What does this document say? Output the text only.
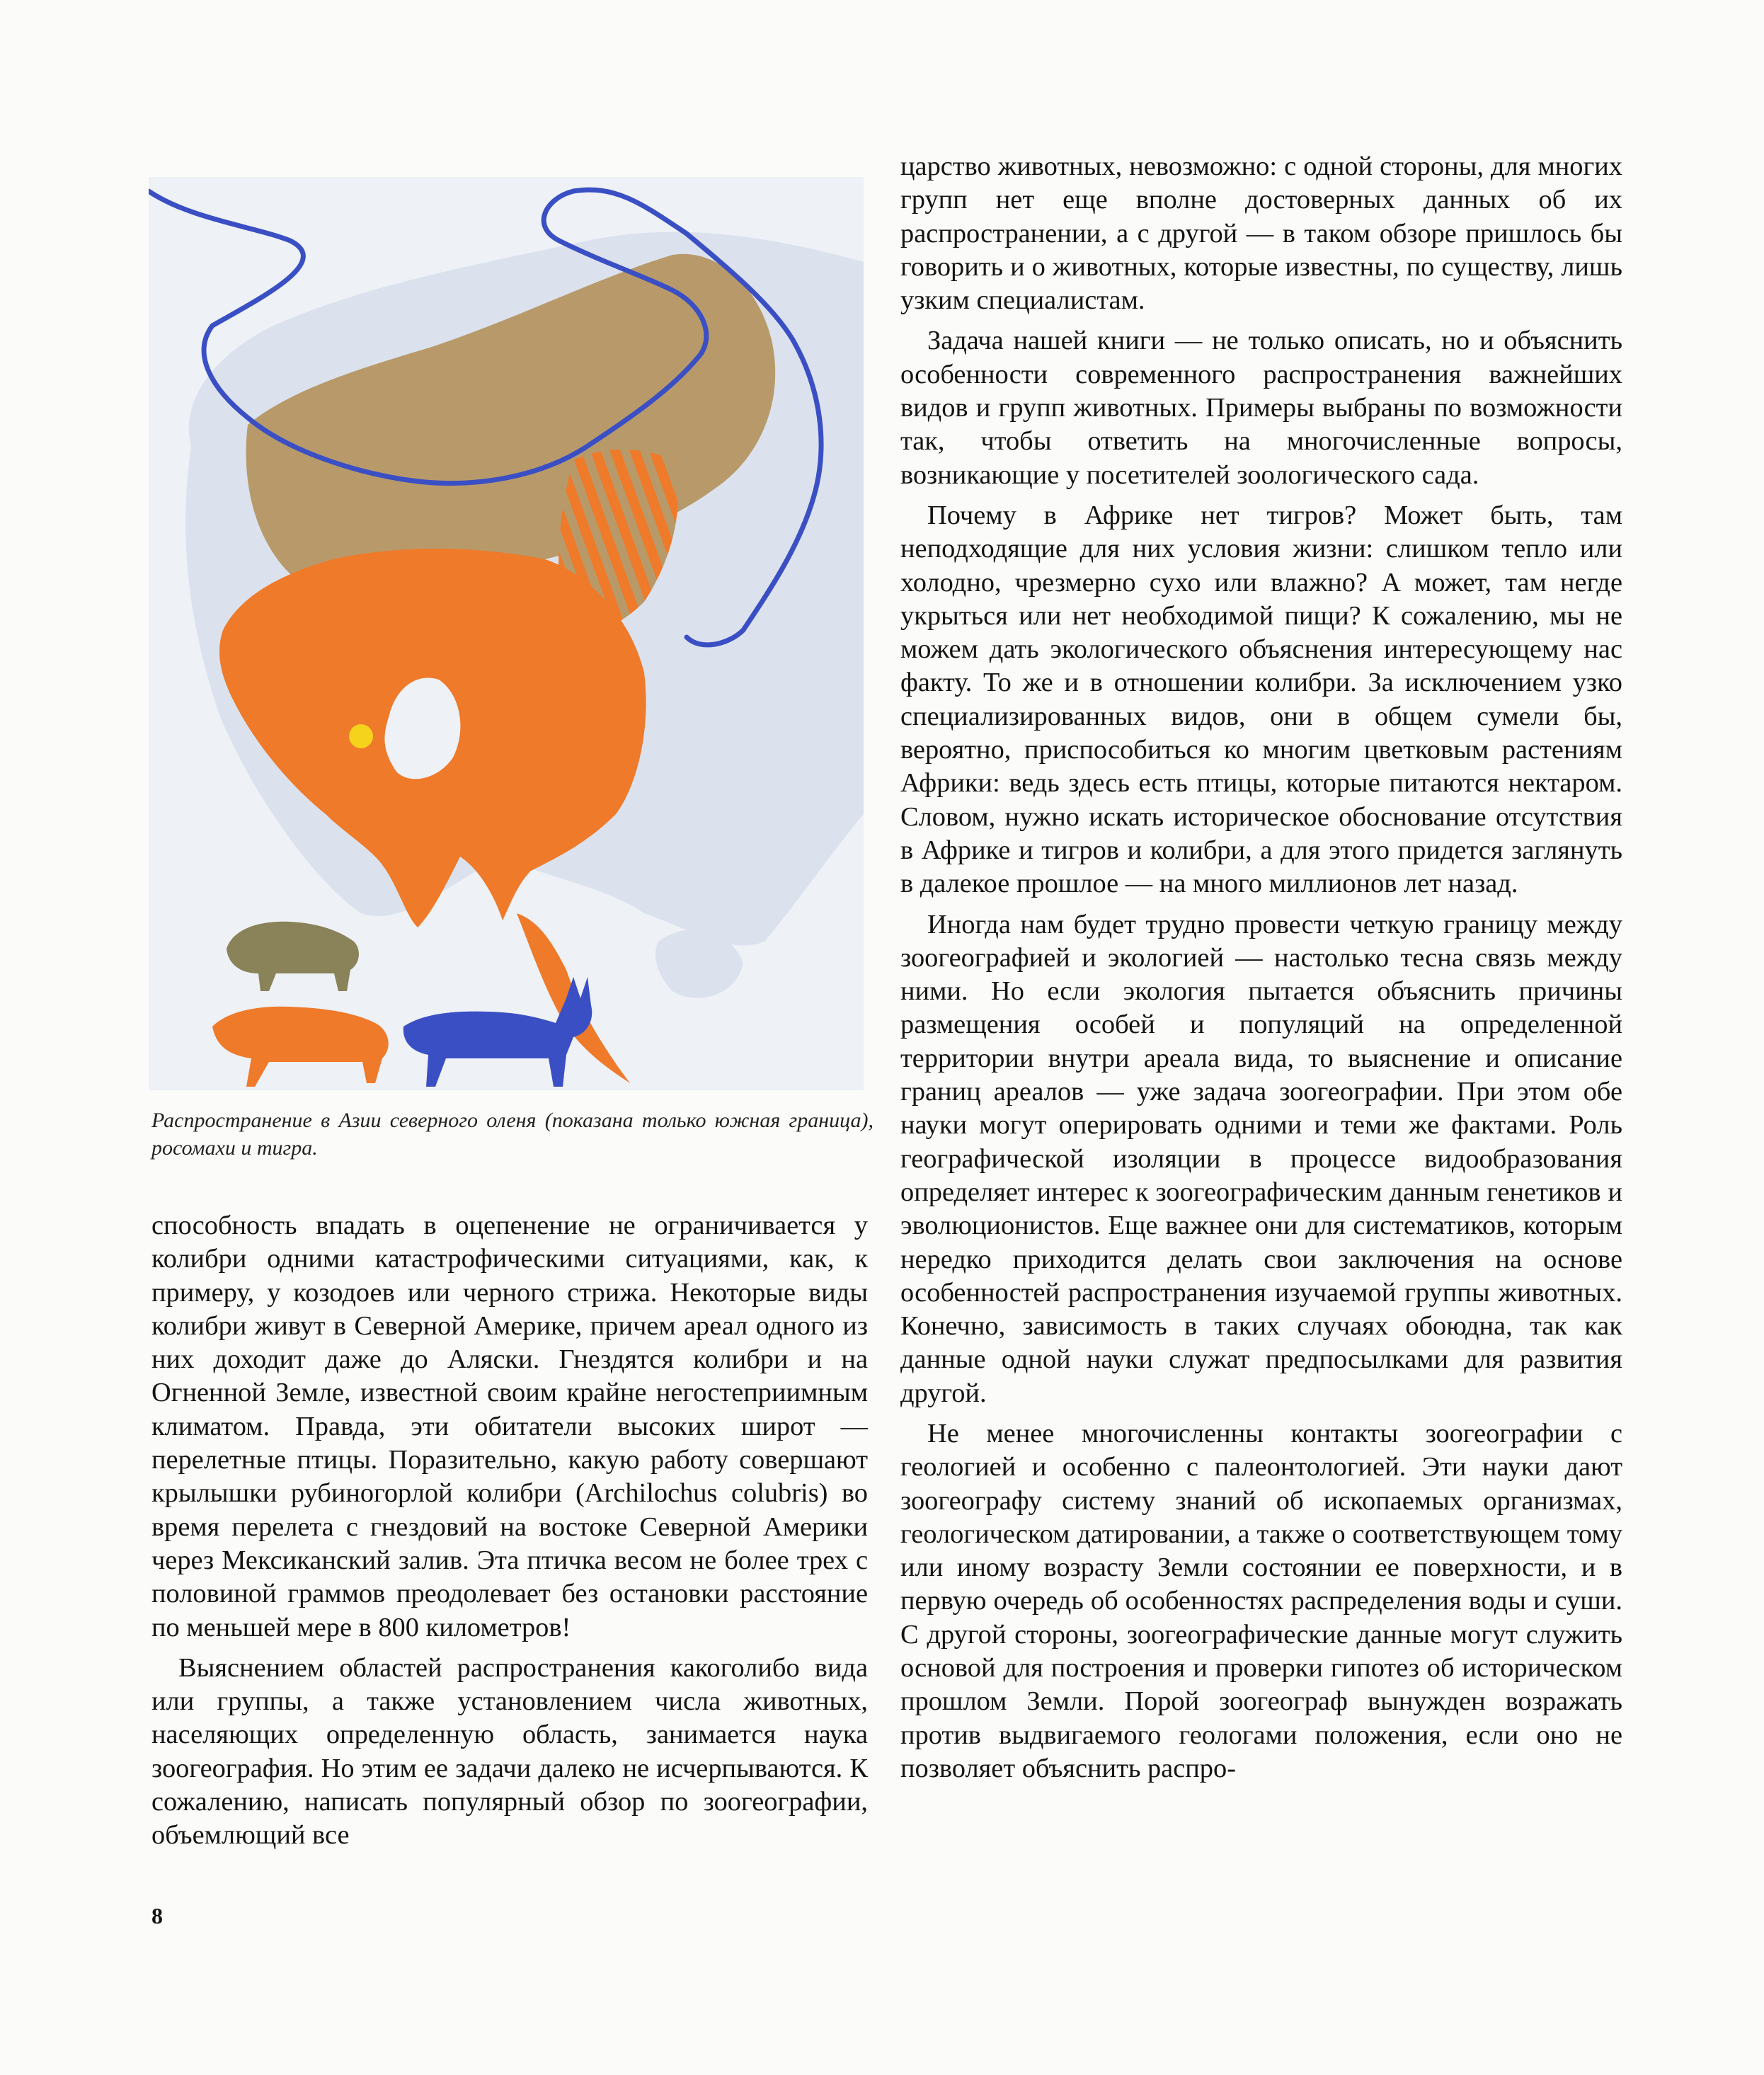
Распространение в Азии северного оленя (показана только южная граница), росомахи и тигра.

способность впадать в оцепенение не ограничивается у колибри одними катастрофическими ситуациями, как, к примеру, у козодоев или черного стрижа. Некоторые виды колибри живут в Северной Америке, причем ареал одного из них доходит даже до Аляски. Гнездятся колибри и на Огненной Земле, известной своим крайне негостеприимным климатом. Правда, эти обитатели высоких широт — перелетные птицы. Поразительно, какую работу совершают крылышки рубиногорлой колибри (Archilochus colubris) во время перелета с гнездовий на востоке Северной Америки через Мексиканский залив. Эта птичка весом не более трех с половиной граммов преодолевает без остановки расстояние по меньшей мере в 800 километров!

Выяснением областей распространения какоголибо вида или группы, а также установлением числа животных, населяющих определенную область, занимается наука зоогеография. Но этим ее задачи далеко не исчерпываются. К сожалению, написать популярный обзор по зоогеографии, объемлющий все

царство животных, невозможно: с одной стороны, для многих групп нет еще вполне достоверных данных об их распространении, а с другой — в таком обзоре пришлось бы говорить и о животных, которые известны, по существу, лишь узким специалистам.

Задача нашей книги — не только описать, но и объяснить особенности современного распространения важнейших видов и групп животных. Примеры выбраны по возможности так, чтобы ответить на многочисленные вопросы, возникающие у посетителей зоологического сада.

Почему в Африке нет тигров? Может быть, там неподходящие для них условия жизни: слишком тепло или холодно, чрезмерно сухо или влажно? А может, там негде укрыться или нет необходимой пищи? К сожалению, мы не можем дать экологического объяснения интересующему нас факту. То же и в отношении колибри. За исключением узко специализированных видов, они в общем сумели бы, вероятно, приспособиться ко многим цветковым растениям Африки: ведь здесь есть птицы, которые питаются нектаром. Словом, нужно искать историческое обоснование отсутствия в Африке и тигров и колибри, а для этого придется заглянуть в далекое прошлое — на много миллионов лет назад.

Иногда нам будет трудно провести четкую границу между зоогеографией и экологией — настолько тесна связь между ними. Но если экология пытается объяснить причины размещения особей и популяций на определенной территории внутри ареала вида, то выяснение и описание границ ареалов — уже задача зоогеографии. При этом обе науки могут оперировать одними и теми же фактами. Роль географической изоляции в процессе видообразования определяет интерес к зоогеографическим данным генетиков и эволюционистов. Еще важнее они для систематиков, которым нередко приходится делать свои заключения на основе особенностей распространения изучаемой группы животных. Конечно, зависимость в таких случаях обоюдна, так как данные одной науки служат предпосылками для развития другой.

Не менее многочисленны контакты зоогеографии с геологией и особенно с палеонтологией. Эти науки дают зоогеографу систему знаний об ископаемых организмах, геологическом датировании, а также о соответствующем тому или иному возрасту Земли состоянии ее поверхности, и в первую очередь об особенностях распределения воды и суши. С другой стороны, зоогеографические данные могут служить основой для построения и проверки гипотез об историческом прошлом Земли. Порой зоогеограф вынужден возражать против выдвигаемого геологами положения, если оно не позволяет объяснить распро-

8
